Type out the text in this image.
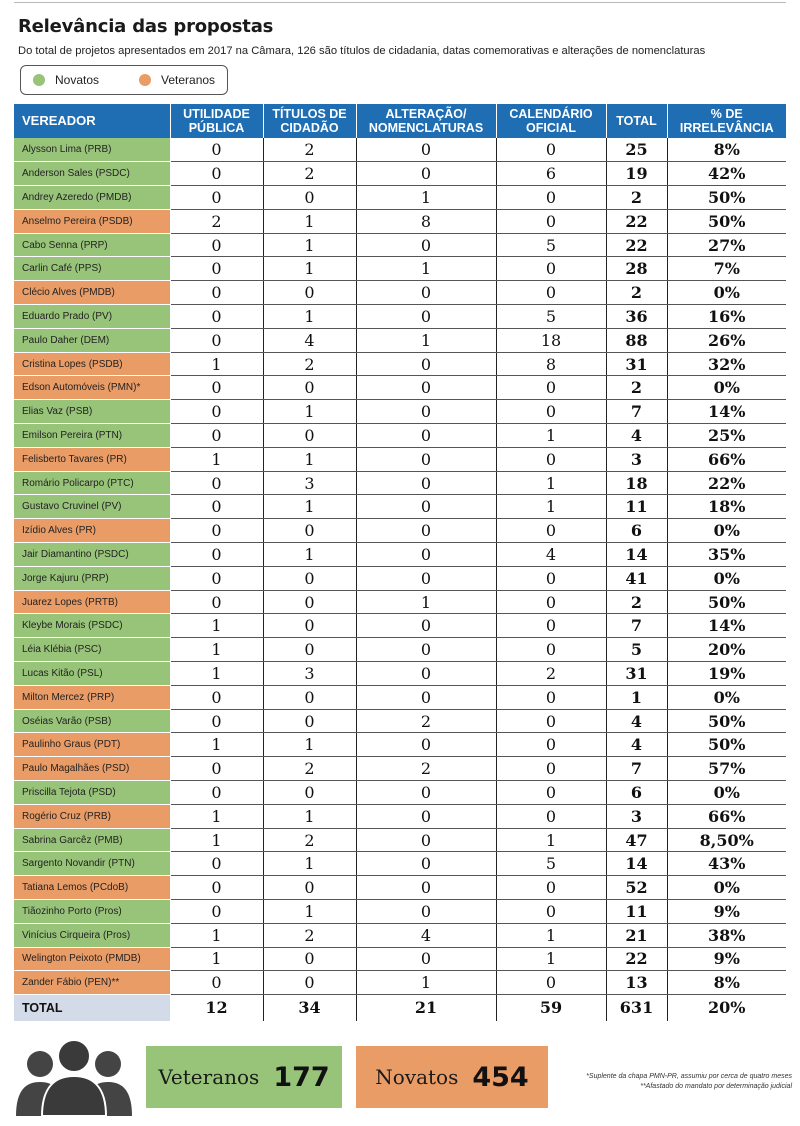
Relevância das propostas
Do total de projetos apresentados em 2017 na Câmara, 126 são títulos de cidadania, datas comemorativas e alterações de nomenclaturas
Novatos	Veteranos
VEREADOR	UTILIDADE PÚBLICA	TÍTULOS DE CIDADÃO	ALTERAÇÃO/ NOMENCLATURAS	CALENDÁRIO OFICIAL	TOTAL	% DE IRRELEVÂNCIA
Alysson Lima (PRB)	0	2	0	0	25	8%
Anderson Sales (PSDC)	0	2	0	6	19	42%
Andrey Azeredo (PMDB)	0	0	1	0	2	50%
Anselmo Pereira (PSDB)	2	1	8	0	22	50%
Cabo Senna (PRP)	0	1	0	5	22	27%
Carlin Café (PPS)	0	1	1	0	28	7%
Clécio Alves (PMDB)	0	0	0	0	2	0%
Eduardo Prado (PV)	0	1	0	5	36	16%
Paulo Daher (DEM)	0	4	1	18	88	26%
Cristina Lopes (PSDB)	1	2	0	8	31	32%
Edson Automóveis (PMN)*	0	0	0	0	2	0%
Elias Vaz (PSB)	0	1	0	0	7	14%
Emilson Pereira (PTN)	0	0	0	1	4	25%
Felisberto Tavares (PR)	1	1	0	0	3	66%
Romário Policarpo (PTC)	0	3	0	1	18	22%
Gustavo Cruvinel (PV)	0	1	0	1	11	18%
Izídio Alves (PR)	0	0	0	0	6	0%
Jair Diamantino (PSDC)	0	1	0	4	14	35%
Jorge Kajuru (PRP)	0	0	0	0	41	0%
Juarez Lopes (PRTB)	0	0	1	0	2	50%
Kleybe Morais (PSDC)	1	0	0	0	7	14%
Léia Klébia (PSC)	1	0	0	0	5	20%
Lucas Kitão (PSL)	1	3	0	2	31	19%
Milton Mercez (PRP)	0	0	0	0	1	0%
Oséias Varão (PSB)	0	0	2	0	4	50%
Paulinho Graus (PDT)	1	1	0	0	4	50%
Paulo Magalhães (PSD)	0	2	2	0	7	57%
Priscilla Tejota (PSD)	0	0	0	0	6	0%
Rogério Cruz (PRB)	1	1	0	0	3	66%
Sabrina Garcêz (PMB)	1	2	0	1	47	8,50%
Sargento Novandir (PTN)	0	1	0	5	14	43%
Tatiana Lemos (PCdoB)	0	0	0	0	52	0%
Tiãozinho Porto (Pros)	0	1	0	0	11	9%
Vinícius Cirqueira (Pros)	1	2	4	1	21	38%
Welington Peixoto (PMDB)	1	0	0	1	22	9%
Zander Fábio (PEN)**	0	0	1	0	13	8%
TOTAL	12	34	21	59	631	20%
Veteranos 177 Novatos 454	*Suplente da chapa PMN-PR, assumiu por cerca de quatro meses
**Afastado do mandato por determinação judicial
